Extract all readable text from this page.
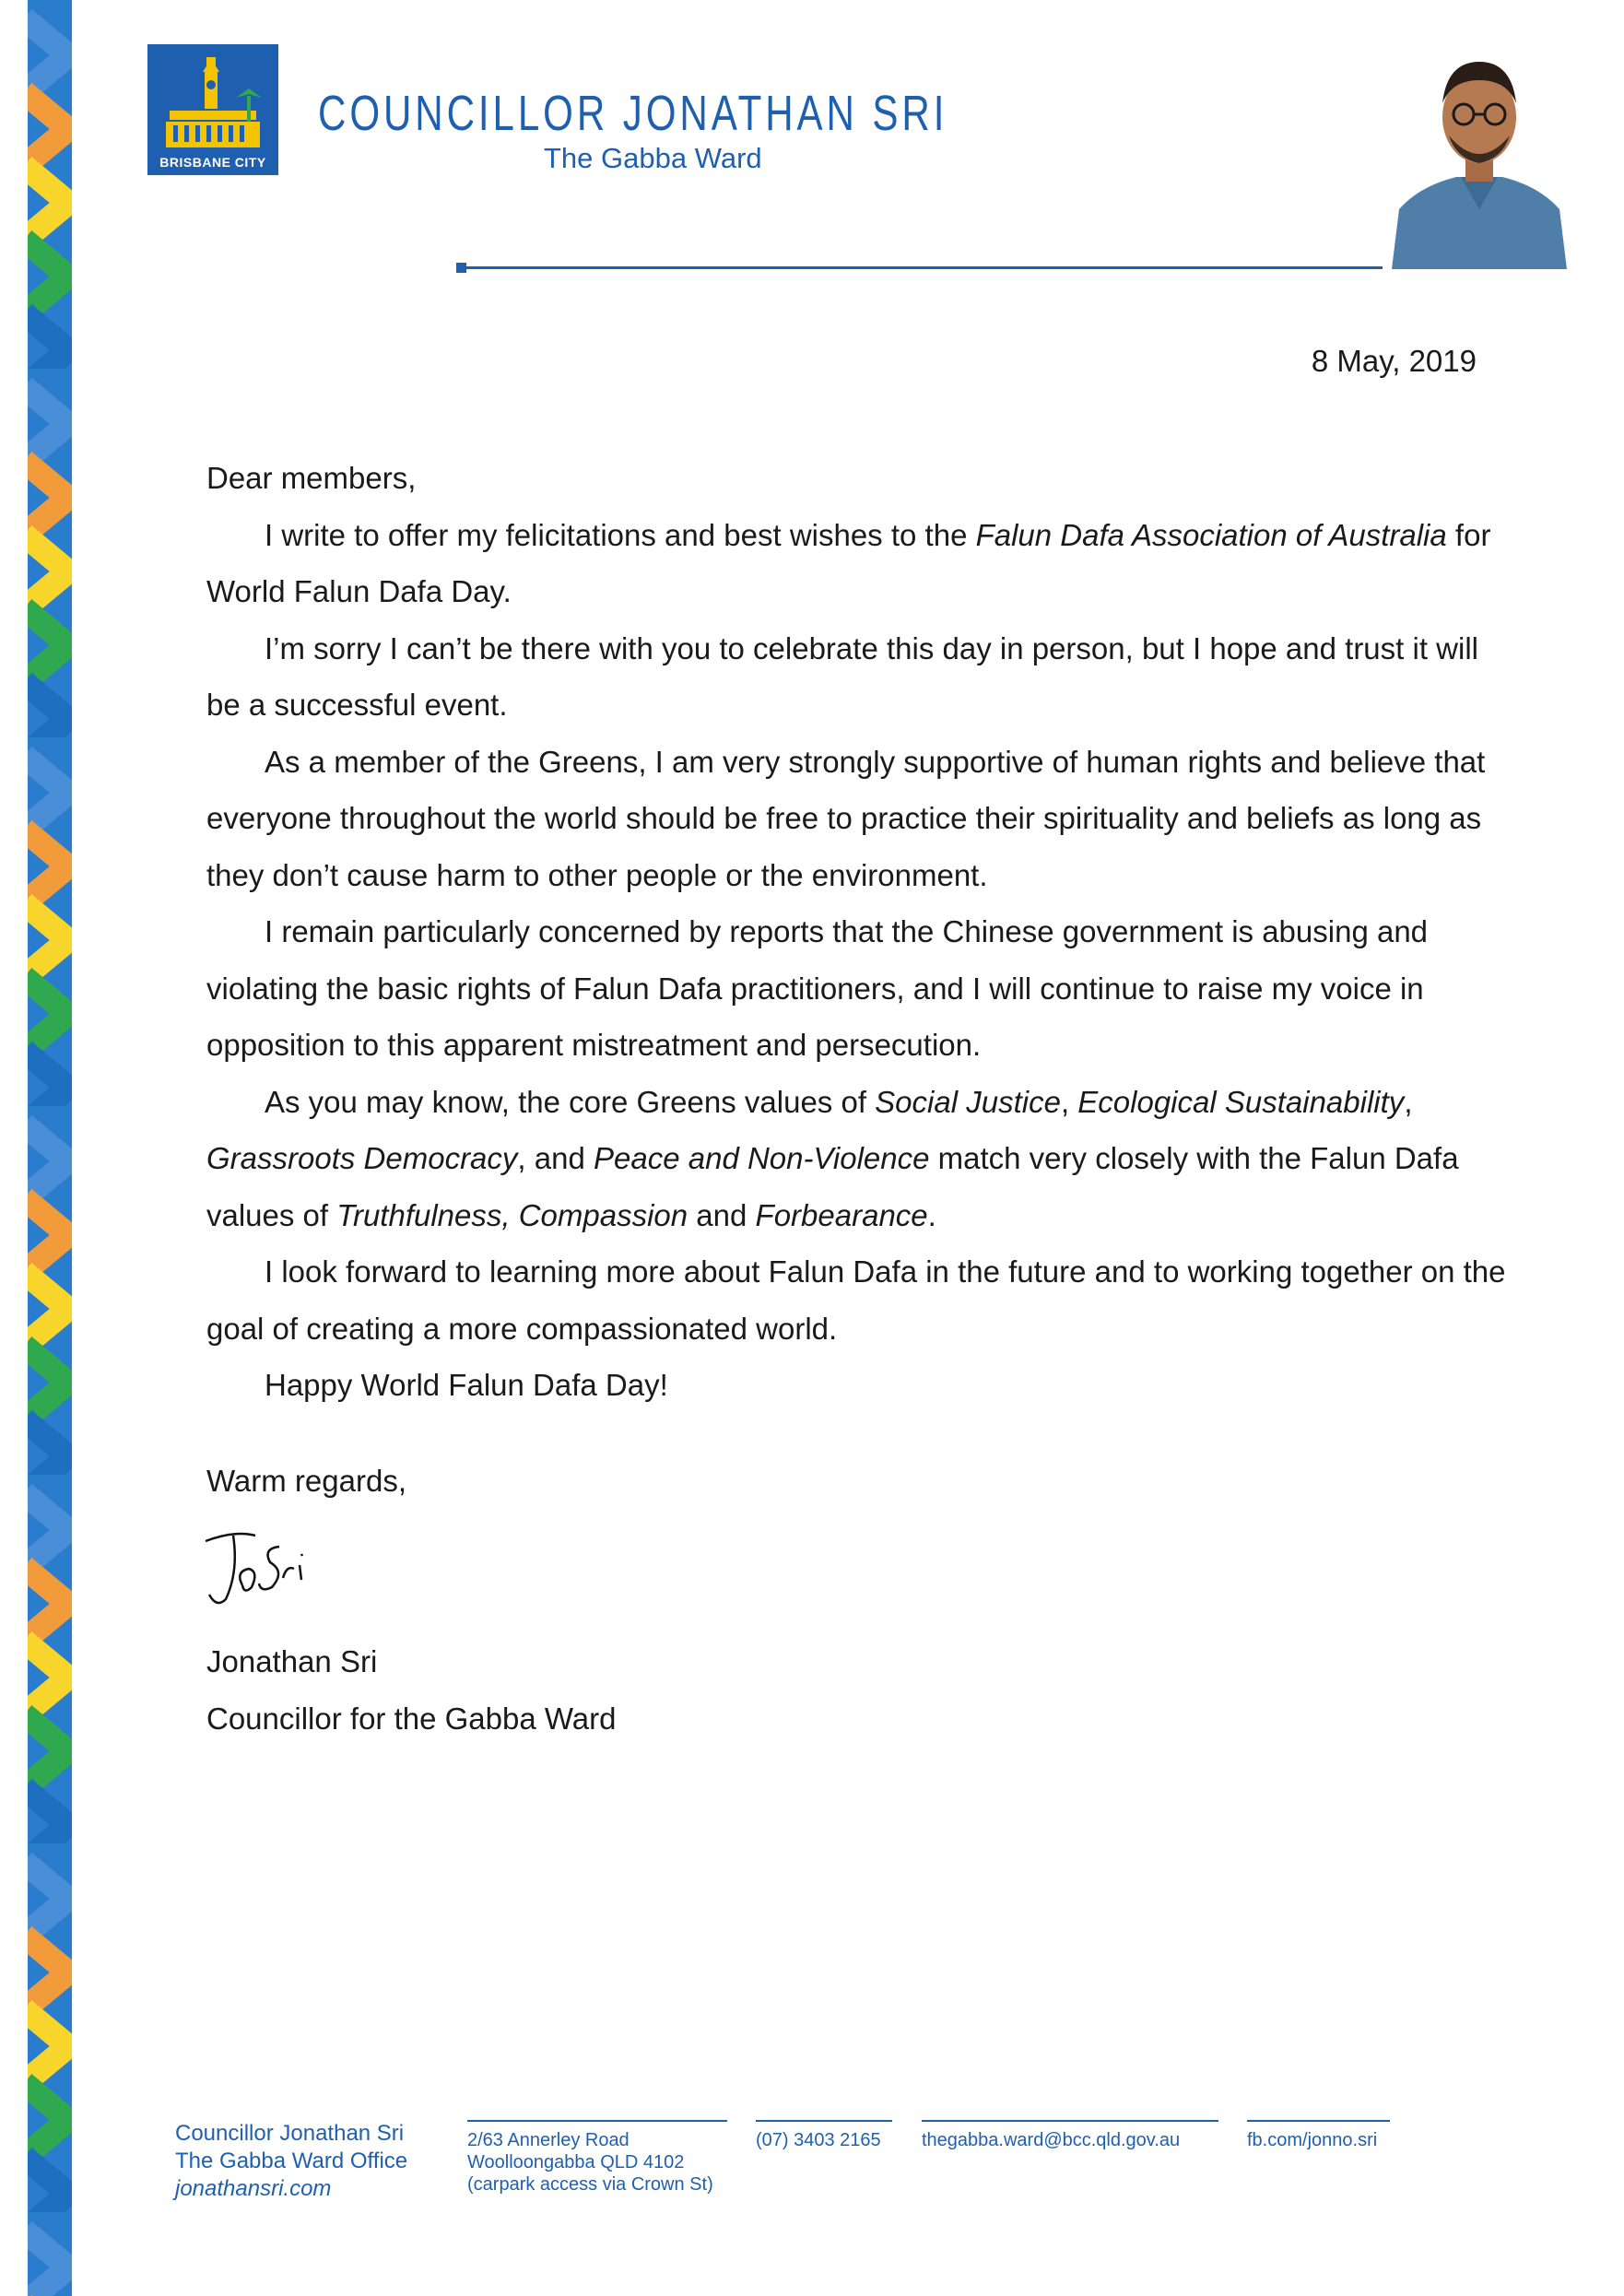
BRISBANE CITY
COUNCILLOR JONATHAN SRI
The Gabba Ward
8 May, 2019

Dear members,

I write to offer my felicitations and best wishes to the Falun Dafa Association of Australia for World Falun Dafa Day.

I’m sorry I can’t be there with you to celebrate this day in person, but I hope and trust it will be a successful event.

As a member of the Greens, I am very strongly supportive of human rights and believe that everyone throughout the world should be free to practice their spirituality and beliefs as long as they don’t cause harm to other people or the environment.

I remain particularly concerned by reports that the Chinese government is abusing and violating the basic rights of Falun Dafa practitioners, and I will continue to raise my voice in opposition to this apparent mistreatment and persecution.

As you may know, the core Greens values of Social Justice, Ecological Sustainability, Grassroots Democracy, and Peace and Non-Violence match very closely with the Falun Dafa values of Truthfulness, Compassion and Forbearance.

I look forward to learning more about Falun Dafa in the future and to working together on the goal of creating a more compassionated world.

Happy World Falun Dafa Day!

Warm regards,
Jonathan Sri
Councillor for the Gabba Ward
Councillor Jonathan Sri
The Gabba Ward Office
jonathansri.com
2/63 Annerley Road
Woolloongabba QLD 4102
(carpark access via Crown St)
(07) 3403 2165	thegabba.ward@bcc.qld.gov.au	fb.com/jonno.sri
